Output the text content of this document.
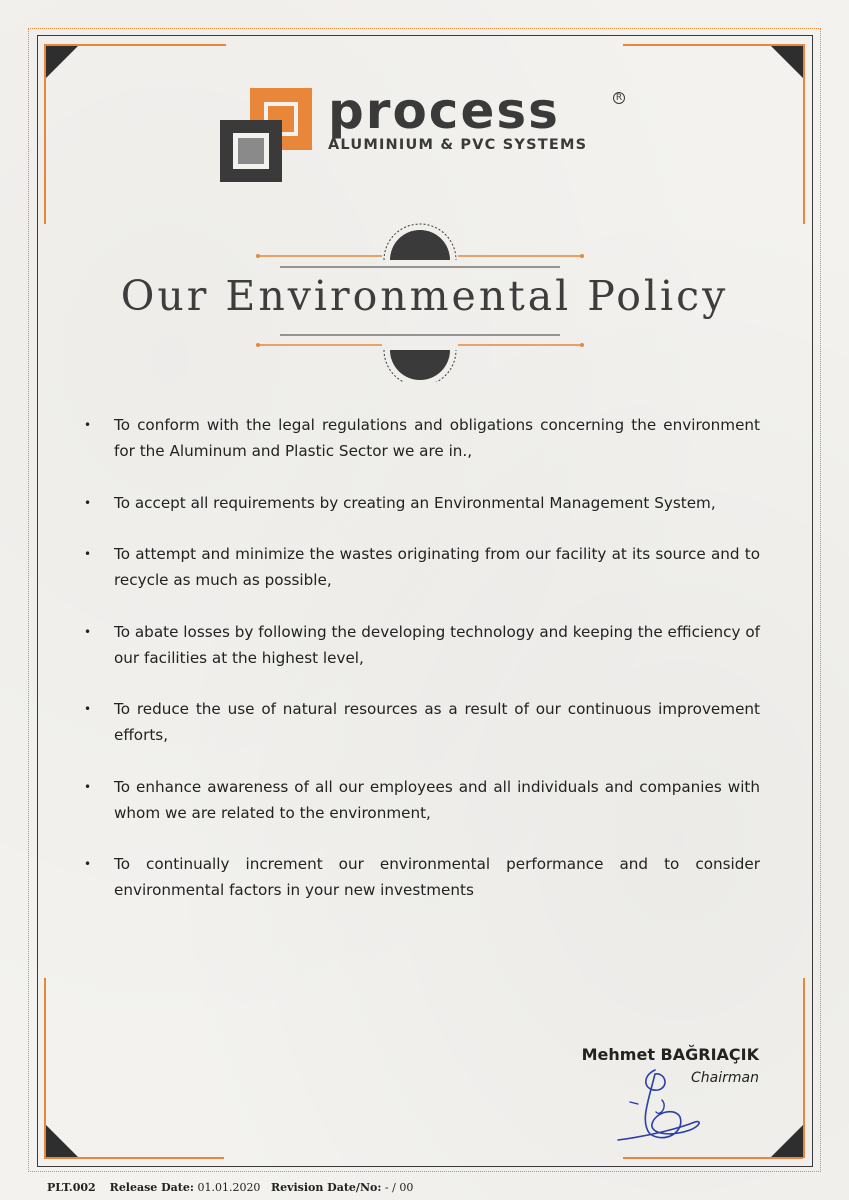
process	R
ALUMINIUM & PVC SYSTEMS
Our Environmental Policy
• To conform with the legal regulations and obligations concerning the environment for the Aluminum and Plastic Sector we are in.,
• To accept all requirements by creating an Environmental Management System,
• To attempt and minimize the wastes originating from our facility at its source and to recycle as much as possible,
• To abate losses by following the developing technology and keeping the efficiency of our facilities at the highest level,
• To reduce the use of natural resources as a result of our continuous improvement efforts,
• To enhance awareness of all our employees and all individuals and companies with whom we are related to the environment,
• To continually increment our environmental performance and to consider environmental factors in your new investments
Mehmet BAĞRIAÇIK
Chairman
PLT.002 Release Date: 01.01.2020 Revision Date/No: - / 00
